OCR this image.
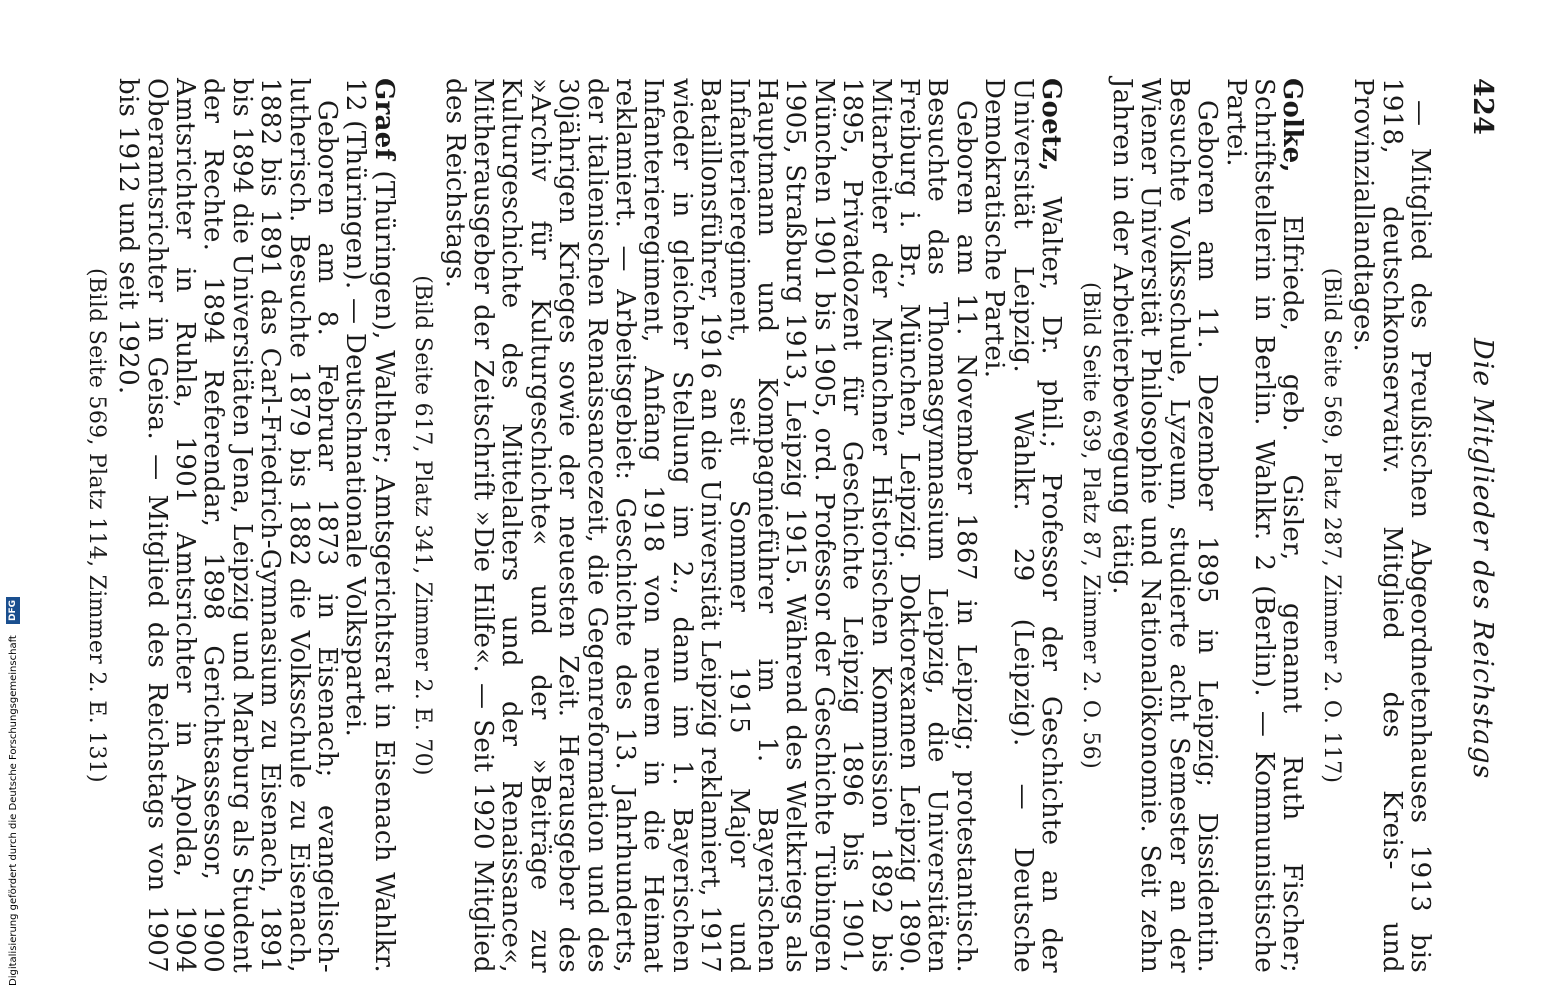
424
Die Mitglieder des Reichstags

— Mitglied des Preußischen Abgeordnetenhauses 1913 bis 1918, deutschkonservativ. Mitglied des Kreis- und Provinziallandtages.

(Bild Seite 569, Platz 287, Zimmer 2. O. 117)

Golke, Elfriede, geb. Gisler, genannt Ruth Fischer; Schriftstellerin in Berlin. Wahlkr. 2 (Berlin). — Kommunistische Partei.

Geboren am 11. Dezember 1895 in Leipzig; Dissidentin. Besuchte Volksschule, Lyzeum, studierte acht Semester an der Wiener Universität Philosophie und Nationalökonomie. Seit zehn Jahren in der Arbeiterbewegung tätig.

(Bild Seite 639, Platz 87, Zimmer 2. O. 56)

Goetz, Walter, Dr. phil.; Professor der Geschichte an der Universität Leipzig. Wahlkr. 29 (Leipzig). — Deutsche Demokratische Partei.

Geboren am 11. November 1867 in Leipzig; protestantisch. Besuchte das Thomasgymnasium Leipzig, die Universitäten Freiburg i. Br., München, Leipzig. Doktorexamen Leipzig 1890. Mitarbeiter der Münchner Historischen Kommission 1892 bis 1895, Privatdozent für Geschichte Leipzig 1896 bis 1901, München 1901 bis 1905, ord. Professor der Geschichte Tübingen 1905, Straßburg 1913, Leipzig 1915. Während des Weltkriegs als Hauptmann und Kompagnieführer im 1. Bayerischen Infanterieregiment, seit Sommer 1915 Major und Bataillonsführer, 1916 an die Universität Leipzig reklamiert, 1917 wieder in gleicher Stellung im 2., dann im 1. Bayerischen Infanterieregiment, Anfang 1918 von neuem in die Heimat reklamiert. — Arbeitsgebiet: Geschichte des 13. Jahrhunderts, der italienischen Renaissancezeit, die Gegenreformation und des 30jährigen Krieges sowie der neuesten Zeit. Herausgeber des »Archiv für Kulturgeschichte« und der »Beiträge zur Kulturgeschichte des Mittelalters und der Renaissance«, Mitherausgeber der Zeitschrift »Die Hilfe«. — Seit 1920 Mitglied des Reichstags.

(Bild Seite 617, Platz 341, Zimmer 2. E. 70)

Graef (Thüringen), Walther; Amtsgerichtsrat in Eisenach Wahlkr. 12 (Thüringen). — Deutschnationale Volkspartei.

Geboren am 8. Februar 1873 in Eisenach; evangelisch-lutherisch. Besuchte 1879 bis 1882 die Volksschule zu Eisenach, 1882 bis 1891 das Carl-Friedrich-Gymnasium zu Eisenach, 1891 bis 1894 die Universitäten Jena, Leipzig und Marburg als Student der Rechte. 1894 Referendar, 1898 Gerichtsassessor, 1900 Amtsrichter in Ruhla, 1901 Amtsrichter in Apolda, 1904 Oberamtsrichter in Geisa. — Mitglied des Reichstags von 1907 bis 1912 und seit 1920.

(Bild Seite 569, Platz 114, Zimmer 2. E. 131)
Digitalisierung gefördert durch die Deutsche Forschungsgemeinschaft DFG
